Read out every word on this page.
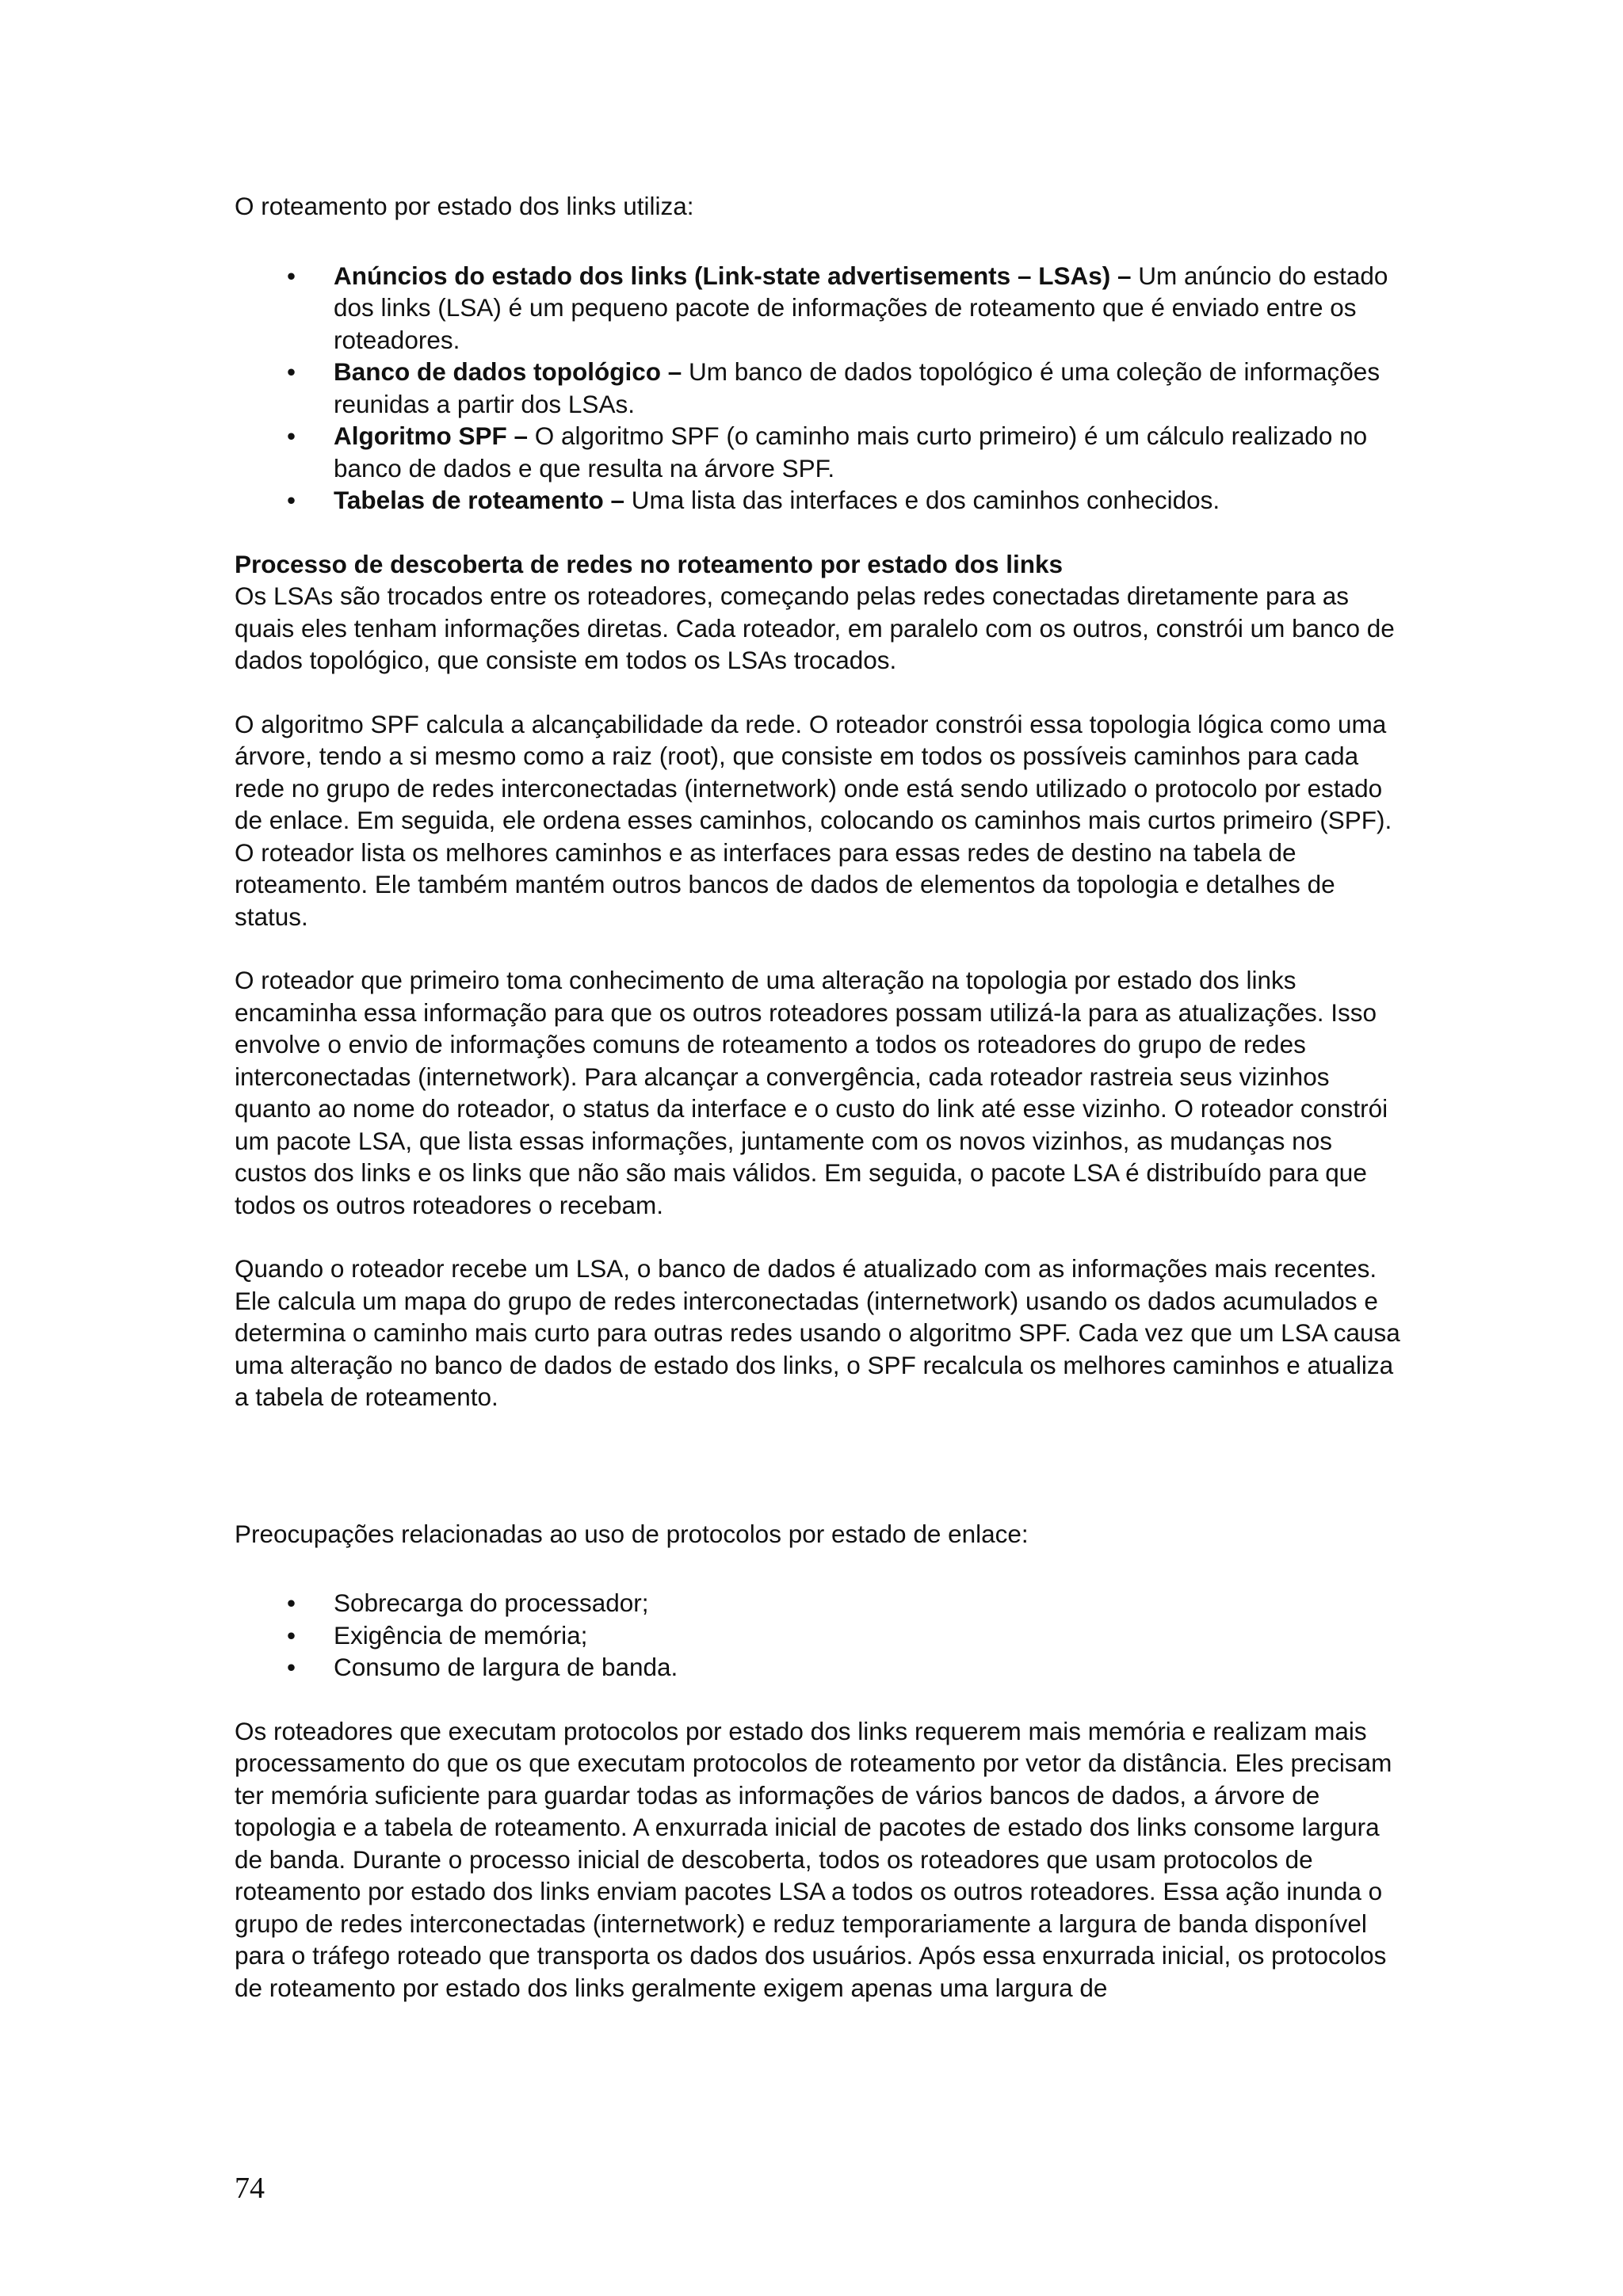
O roteamento por estado dos links utiliza:

• Anúncios do estado dos links (Link-state advertisements – LSAs) – Um anúncio do estado dos links (LSA) é um pequeno pacote de informações de roteamento que é enviado entre os roteadores.
• Banco de dados topológico – Um banco de dados topológico é uma coleção de informações reunidas a partir dos LSAs.
• Algoritmo SPF – O algoritmo SPF (o caminho mais curto primeiro) é um cálculo realizado no banco de dados e que resulta na árvore SPF.
• Tabelas de roteamento – Uma lista das interfaces e dos caminhos conhecidos.

Processo de descoberta de redes no roteamento por estado dos links

Os LSAs são trocados entre os roteadores, começando pelas redes conectadas diretamente para as quais eles tenham informações diretas. Cada roteador, em paralelo com os outros, constrói um banco de dados topológico, que consiste em todos os LSAs trocados.

O algoritmo SPF calcula a alcançabilidade da rede. O roteador constrói essa topologia lógica como uma árvore, tendo a si mesmo como a raiz (root), que consiste em todos os possíveis caminhos para cada rede no grupo de redes interconectadas (internetwork) onde está sendo utilizado o protocolo por estado de enlace. Em seguida, ele ordena esses caminhos, colocando os caminhos mais curtos primeiro (SPF). O roteador lista os melhores caminhos e as interfaces para essas redes de destino na tabela de roteamento. Ele também mantém outros bancos de dados de elementos da topologia e detalhes de status.

O roteador que primeiro toma conhecimento de uma alteração na topologia por estado dos links encaminha essa informação para que os outros roteadores possam utilizá-la para as atualizações. Isso envolve o envio de informações comuns de roteamento a todos os roteadores do grupo de redes interconectadas (internetwork). Para alcançar a convergência, cada roteador rastreia seus vizinhos quanto ao nome do roteador, o status da interface e o custo do link até esse vizinho. O roteador constrói um pacote LSA, que lista essas informações, juntamente com os novos vizinhos, as mudanças nos custos dos links e os links que não são mais válidos. Em seguida, o pacote LSA é distribuído para que todos os outros roteadores o recebam.

Quando o roteador recebe um LSA, o banco de dados é atualizado com as informações mais recentes. Ele calcula um mapa do grupo de redes interconectadas (internetwork) usando os dados acumulados e determina o caminho mais curto para outras redes usando o algoritmo SPF. Cada vez que um LSA causa uma alteração no banco de dados de estado dos links, o SPF recalcula os melhores caminhos e atualiza a tabela de roteamento.

Preocupações relacionadas ao uso de protocolos por estado de enlace:

• Sobrecarga do processador;
• Exigência de memória;
• Consumo de largura de banda.

Os roteadores que executam protocolos por estado dos links requerem mais memória e realizam mais processamento do que os que executam protocolos de roteamento por vetor da distância. Eles precisam ter memória suficiente para guardar todas as informações de vários bancos de dados, a árvore de topologia e a tabela de roteamento. A enxurrada inicial de pacotes de estado dos links consome largura de banda. Durante o processo inicial de descoberta, todos os roteadores que usam protocolos de roteamento por estado dos links enviam pacotes LSA a todos os outros roteadores. Essa ação inunda o grupo de redes interconectadas (internetwork) e reduz temporariamente a largura de banda disponível para o tráfego roteado que transporta os dados dos usuários. Após essa enxurrada inicial, os protocolos de roteamento por estado dos links geralmente exigem apenas uma largura de

74
